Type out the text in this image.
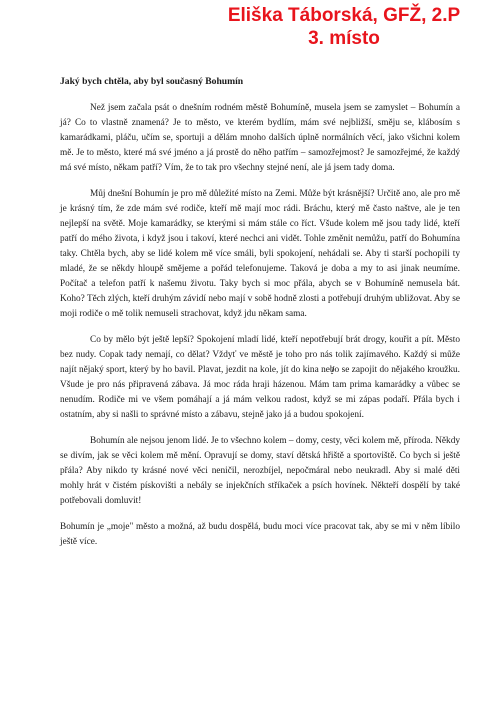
Eliška Táborská, GFŽ, 2.P
3. místo
Jaký bych chtěla, aby byl současný Bohumín

Než jsem začala psát o dnešním rodném městě Bohumíně, musela jsem se zamyslet – Bohumín a já? Co to vlastně znamená? Je to město, ve kterém bydlím, mám své nejbližší, směju se, klábosím s kamarádkami, pláču, učím se, sportuji a dělám mnoho dalších úplně normálních věcí, jako všichni kolem mě. Je to město, které má své jméno a já prostě do něho patřím – samozřejmost? Je samozřejmé, že každý má své místo, někam patří? Vím, že to tak pro všechny stejné není, ale já jsem tady doma.

Můj dnešní Bohumín je pro mě důležité místo na Zemi. Může být krásnější? Určitě ano, ale pro mě je krásný tím, že zde mám své rodiče, kteří mě mají moc rádi. Bráchu, který mě často naštve, ale je ten nejlepší na světě. Moje kamarádky, se kterými si mám stále co říct. Všude kolem mě jsou tady lidé, kteří patří do mého života, i když jsou i takoví, které nechci ani vidět. Tohle změnit nemůžu, patří do Bohumína taky. Chtěla bych, aby se lidé kolem mě více smáli, byli spokojení, nehádali se. Aby ti starší pochopili ty mladé, že se někdy hloupě smějeme a pořád telefonujeme. Taková je doba a my to asi jinak neumíme. Počítač a telefon patří k našemu životu. Taky bych si moc přála, abych se v Bohumíně nemusela bát. Koho? Těch zlých, kteří druhým závidí nebo mají v sobě hodně zlosti a potřebují druhým ubližovat. Aby se moji rodiče o mě tolik nemuseli strachovat, když jdu někam sama.

Co by mělo být ještě lepší? Spokojení mladí lidé, kteří nepotřebují brát drogy, kouřit a pít. Město bez nudy. Copak tady nemají, co dělat? Vždyť ve městě je toho pro nás tolik zajímavého. Každý si může najít nějaký sport, který by ho bavil. Plavat, jezdit na kole, jít do kina nebo se zapojit do nějakého kroužku. Všude je pro nás připravená zábava. Já moc ráda hraji házenou. Mám tam prima kamarádky a vůbec se nenudím. Rodiče mi ve všem pomáhají a já mám velkou radost, když se mi zápas podaří. Přála bych i ostatním, aby si našli to správné místo a zábavu, stejně jako já a budou spokojení.

Bohumín ale nejsou jenom lidé. Je to všechno kolem – domy, cesty, věci kolem mě, příroda. Někdy se divím, jak se věci kolem mě mění. Opravují se domy, staví dětská hřiště a sportoviště. Co bych si ještě přála? Aby nikdo ty krásné nové věci neničil, nerozbíjel, nepočmáral nebo neukradl. Aby si malé děti mohly hrát v čistém pískovišti a nebály se injekčních stříkaček a psích hovínek. Někteří dospělí by také potřebovali domluvit!

Bohumín je „moje" město a možná, až budu dospělá, budu moci více pracovat tak, aby se mi v něm líbilo ještě více.
